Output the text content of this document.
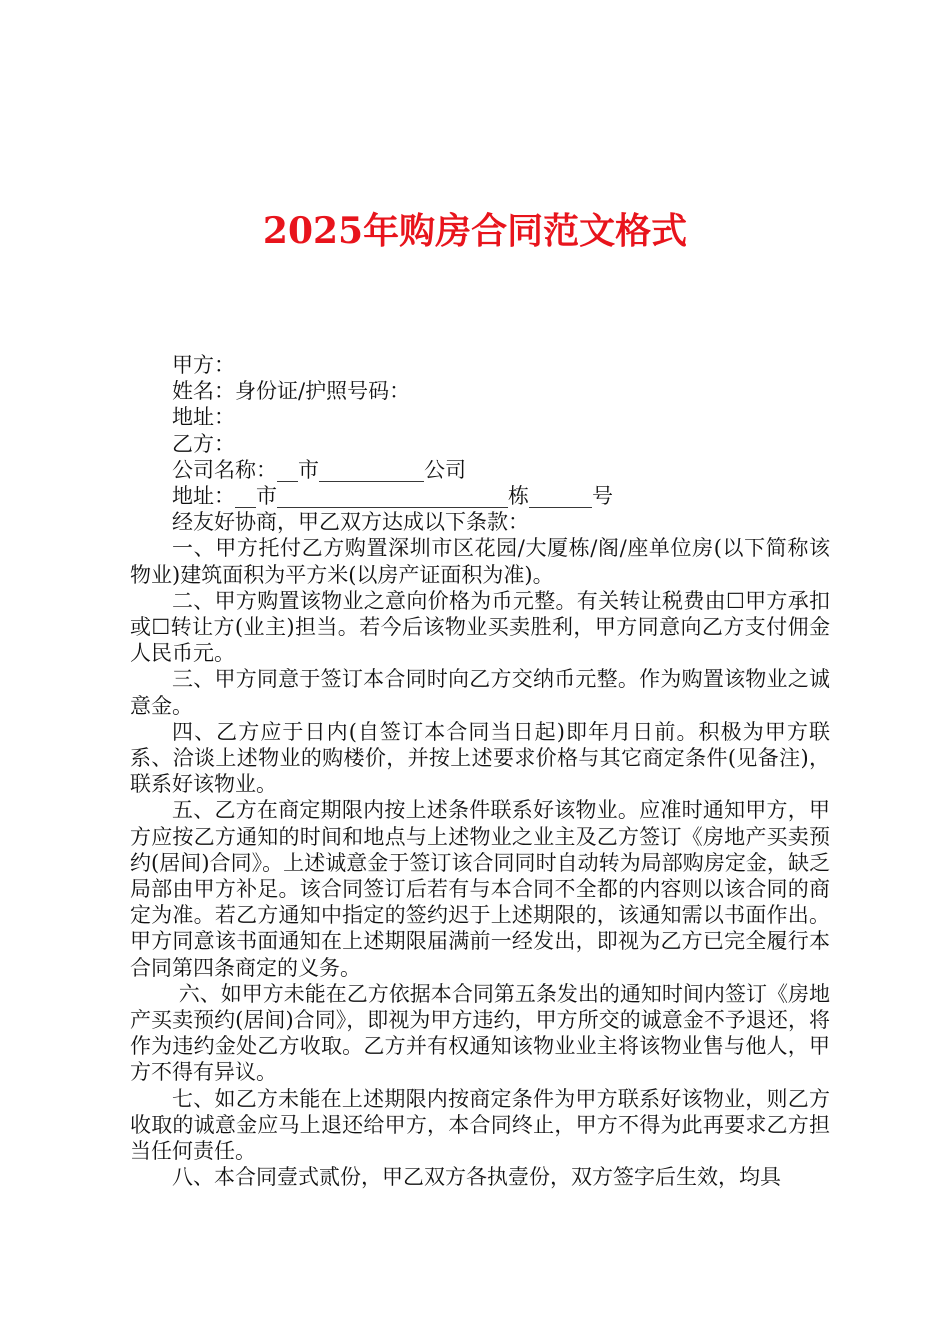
2025年购房合同范文格式

甲方：

姓名：身份证/护照号码：

地址：

乙方：

公司名称：__市__________公司

地址：__市______________________栋______号

经友好协商，甲乙双方达成以下条款：

一、甲方托付乙方购置深圳市区花园/大厦栋/阁/座单位房(以下简称该物业)建筑面积为平方米(以房产证面积为准)。

二、甲方购置该物业之意向价格为币元整。有关转让税费由☐甲方承扣或☐转让方(业主)担当。若今后该物业买卖胜利，甲方同意向乙方支付佣金人民币元。

三、甲方同意于签订本合同时向乙方交纳币元整。作为购置该物业之诚意金。

四、乙方应于日内(自签订本合同当日起)即年月日前。积极为甲方联系、洽谈上述物业的购楼价，并按上述要求价格与其它商定条件(见备注)，联系好该物业。

五、乙方在商定期限内按上述条件联系好该物业。应准时通知甲方，甲方应按乙方通知的时间和地点与上述物业之业主及乙方签订《房地产买卖预约(居间)合同》。上述诚意金于签订该合同同时自动转为局部购房定金，缺乏局部由甲方补足。该合同签订后若有与本合同不全都的内容则以该合同的商定为准。若乙方通知中指定的签约迟于上述期限的，该通知需以书面作出。甲方同意该书面通知在上述期限届满前一经发出，即视为乙方已完全履行本合同第四条商定的义务。

六、如甲方未能在乙方依据本合同第五条发出的通知时间内签订《房地产买卖预约(居间)合同》，即视为甲方违约，甲方所交的诚意金不予退还，将作为违约金处乙方收取。乙方并有权通知该物业业主将该物业售与他人，甲方不得有异议。

七、如乙方未能在上述期限内按商定条件为甲方联系好该物业，则乙方收取的诚意金应马上退还给甲方，本合同终止，甲方不得为此再要求乙方担当任何责任。

八、本合同壹式贰份，甲乙双方各执壹份，双方签字后生效，均具
